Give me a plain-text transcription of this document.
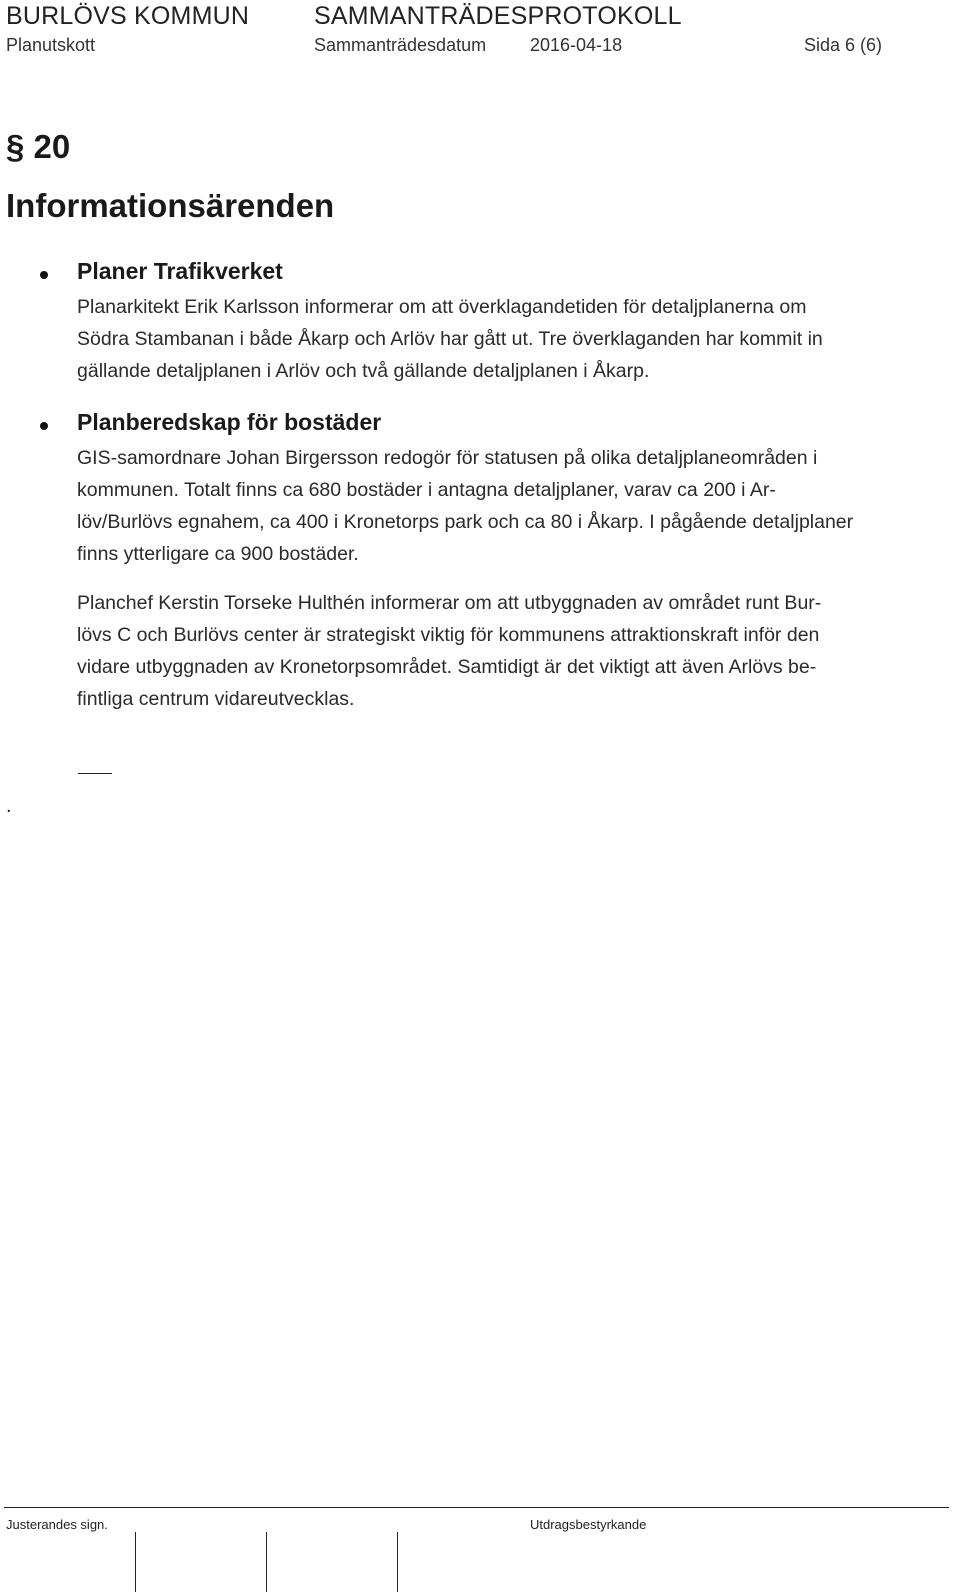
BURLÖVS KOMMUN	SAMMANTRÄDESPROTOKOLL
Planutskott	Sammanträdesdatum 2016-04-18	Sida 6 (6)
§ 20
Informationsärenden
Planer Trafikverket
Planarkitekt Erik Karlsson informerar om att överklagandetiden för detaljplanerna om
Södra Stambanan i både Åkarp och Arlöv har gått ut. Tre överklaganden har kommit in
gällande detaljplanen i Arlöv och två gällande detaljplanen i Åkarp.
Planberedskap för bostäder
GIS-samordnare Johan Birgersson redogör för statusen på olika detaljplaneområden i
kommunen. Totalt finns ca 680 bostäder i antagna detaljplaner, varav ca 200 i Ar-
löv/Burlövs egnahem, ca 400 i Kronetorps park och ca 80 i Åkarp. I pågående detaljplaner
finns ytterligare ca 900 bostäder.
Planchef Kerstin Torseke Hulthén informerar om att utbyggnaden av området runt Bur-
lövs C och Burlövs center är strategiskt viktig för kommunens attraktionskraft inför den
vidare utbyggnaden av Kronetorpsområdet. Samtidigt är det viktigt att även Arlövs be-
fintliga centrum vidareutvecklas.
.
Justerandes sign.	Utdragsbestyrkande
